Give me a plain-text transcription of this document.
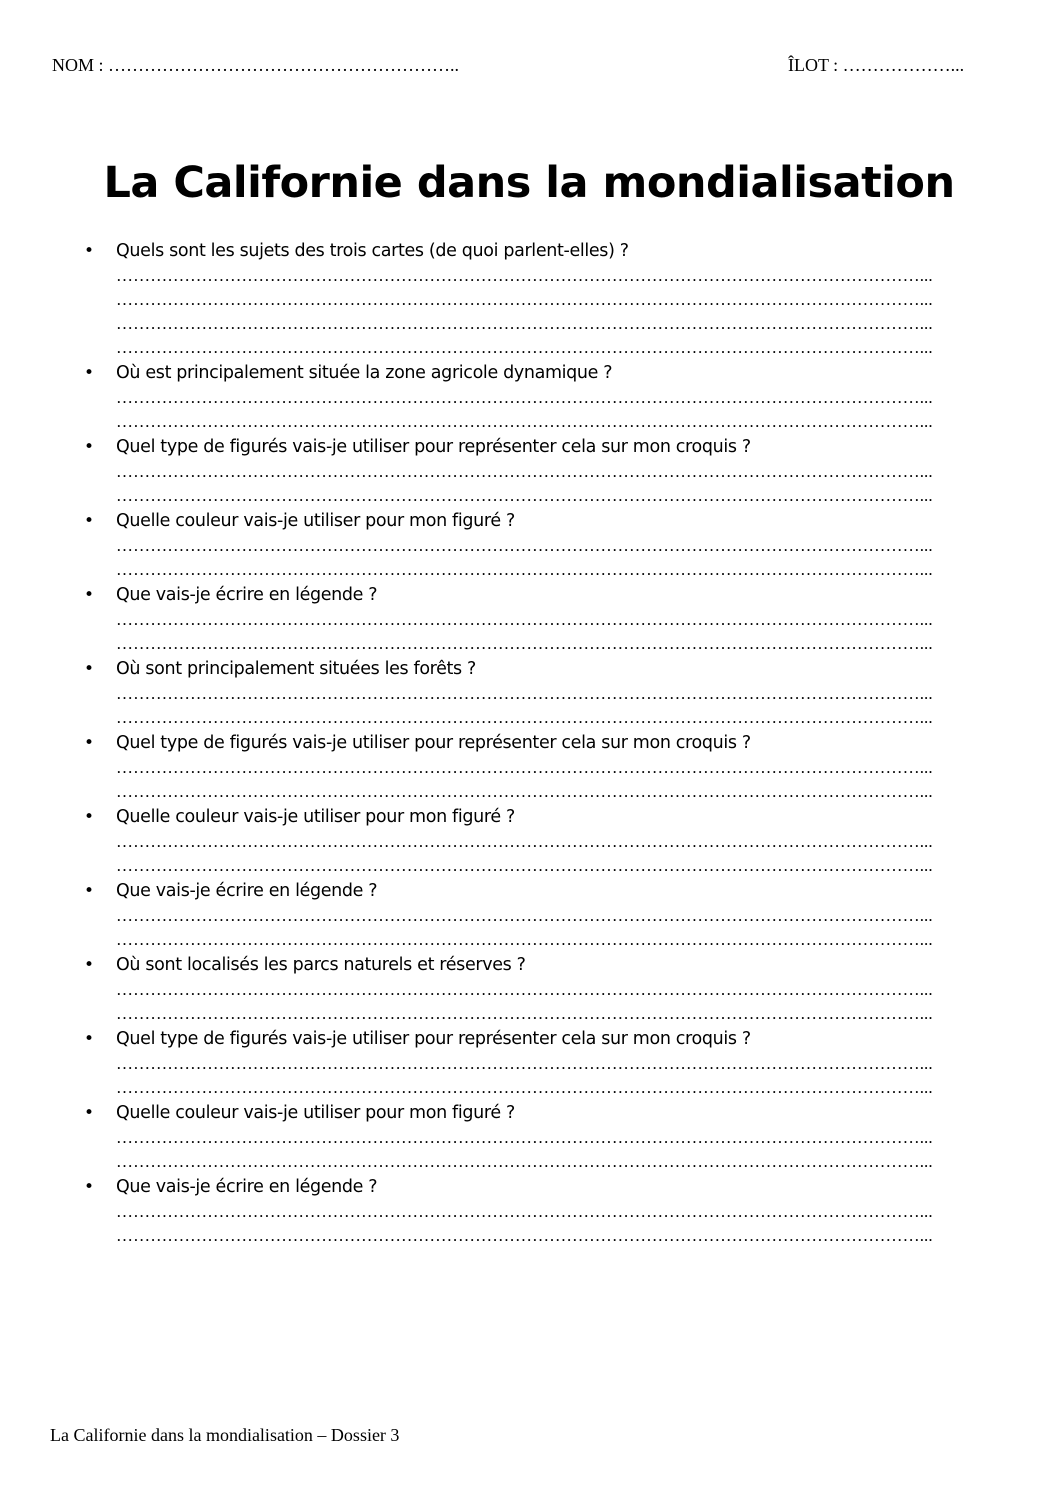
NOM : …………………………………………………..	ÎLOT : ………………...
La Californie dans la mondialisation
• Quels sont les sujets des trois cartes (de quoi parlent-elles) ?
……………………………………………………………………………………………………………………………...
……………………………………………………………………………………………………………………………...
……………………………………………………………………………………………………………………………...
……………………………………………………………………………………………………………………………...
• Où est principalement située la zone agricole dynamique ?
……………………………………………………………………………………………………………………………...
……………………………………………………………………………………………………………………………...
• Quel type de figurés vais-je utiliser pour représenter cela sur mon croquis ?
……………………………………………………………………………………………………………………………...
……………………………………………………………………………………………………………………………...
• Quelle couleur vais-je utiliser pour mon figuré ?
……………………………………………………………………………………………………………………………...
……………………………………………………………………………………………………………………………...
• Que vais-je écrire en légende ?
……………………………………………………………………………………………………………………………...
……………………………………………………………………………………………………………………………...
• Où sont principalement situées les forêts ?
……………………………………………………………………………………………………………………………...
……………………………………………………………………………………………………………………………...
• Quel type de figurés vais-je utiliser pour représenter cela sur mon croquis ?
……………………………………………………………………………………………………………………………...
……………………………………………………………………………………………………………………………...
• Quelle couleur vais-je utiliser pour mon figuré ?
……………………………………………………………………………………………………………………………...
……………………………………………………………………………………………………………………………...
• Que vais-je écrire en légende ?
……………………………………………………………………………………………………………………………...
……………………………………………………………………………………………………………………………...
• Où sont localisés les parcs naturels et réserves ?
……………………………………………………………………………………………………………………………...
……………………………………………………………………………………………………………………………...
• Quel type de figurés vais-je utiliser pour représenter cela sur mon croquis ?
……………………………………………………………………………………………………………………………...
……………………………………………………………………………………………………………………………...
• Quelle couleur vais-je utiliser pour mon figuré ?
……………………………………………………………………………………………………………………………...
……………………………………………………………………………………………………………………………...
• Que vais-je écrire en légende ?
……………………………………………………………………………………………………………………………...
……………………………………………………………………………………………………………………………...
La Californie dans la mondialisation – Dossier 3
